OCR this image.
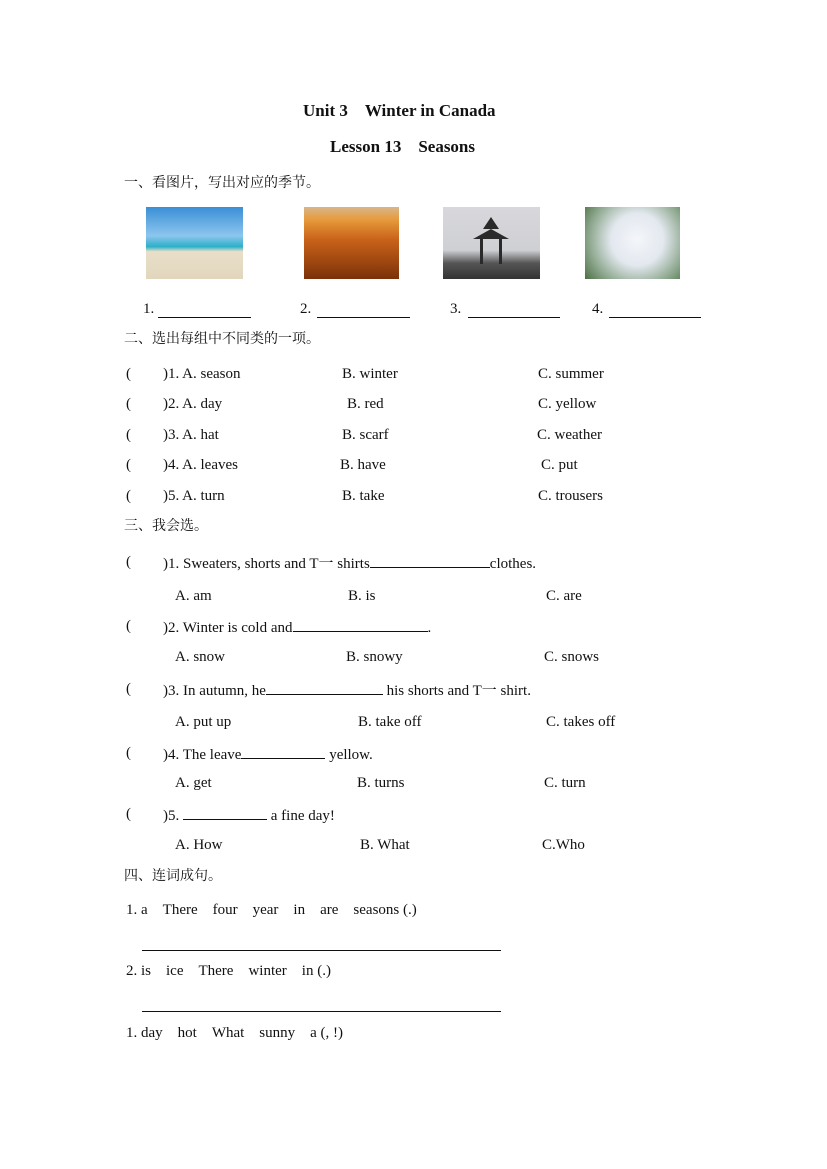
Unit 3　Winter in Canada
Lesson 13　Seasons
一、看图片，写出对应的季节。
1.	2.	3.	4.
二、选出每组中不同类的一项。
( )1. A. season	B. winter	C. summer
( )2. A. day	B. red	C. yellow
( )3. A. hat	B. scarf	C. weather
( )4. A. leaves	B. have	C. put
( )5. A. turn	B. take	C. trousers
三、我会选。
( )1. Sweaters, shorts and T一 shirts	clothes.
A. am	B. is	C. are
( )2. Winter is cold and	.
A. snow	B. snowy	C. snows
( )3. In autumn, he	his shorts and T一 shirt.
A. put up	B. take off	C. takes off
( )4. The leave	yellow.
A. get	B. turns	C. turn
( )5.	a fine day!
A. How	B. What	C.Who
四、连词成句。
1. a　There　four　year　in　are　seasons (.)
2. is　ice　There　winter　in (.)
1. day　hot　What　sunny　a (, !)
